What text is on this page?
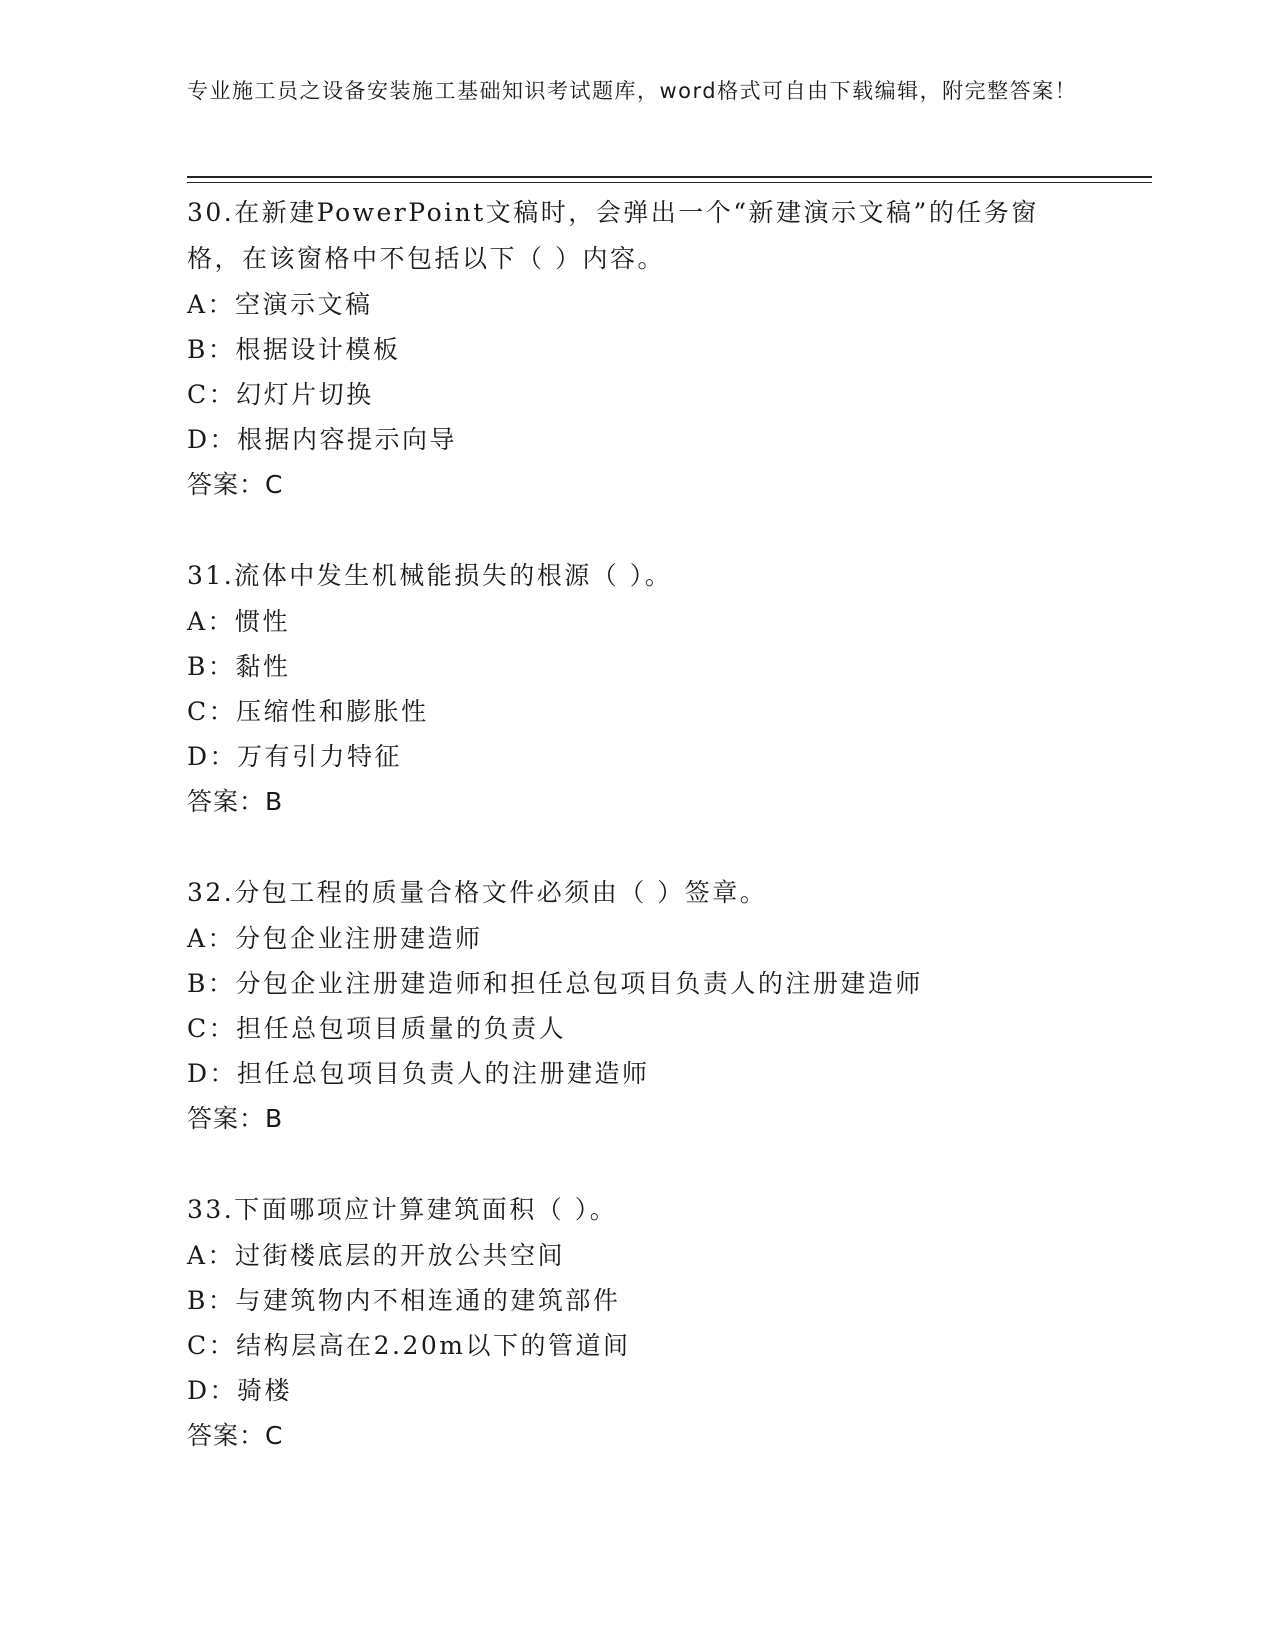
专业施工员之设备安装施工基础知识考试题库，word格式可自由下载编辑，附完整答案！
30.在新建PowerPoint文稿时，会弹出一个“新建演示文稿”的任务窗格，在该窗格中不包括以下（ ）内容。
A：空演示文稿
B：根据设计模板
C：幻灯片切换
D：根据内容提示向导
答案：C
31.流体中发生机械能损失的根源（ ）。
A：惯性
B：黏性
C：压缩性和膨胀性
D：万有引力特征
答案：B
32.分包工程的质量合格文件必须由（ ）签章。
A：分包企业注册建造师
B：分包企业注册建造师和担任总包项目负责人的注册建造师
C：担任总包项目质量的负责人
D：担任总包项目负责人的注册建造师
答案：B
33.下面哪项应计算建筑面积（ ）。
A：过街楼底层的开放公共空间
B：与建筑物内不相连通的建筑部件
C：结构层高在2.20m以下的管道间
D：骑楼
答案：C
